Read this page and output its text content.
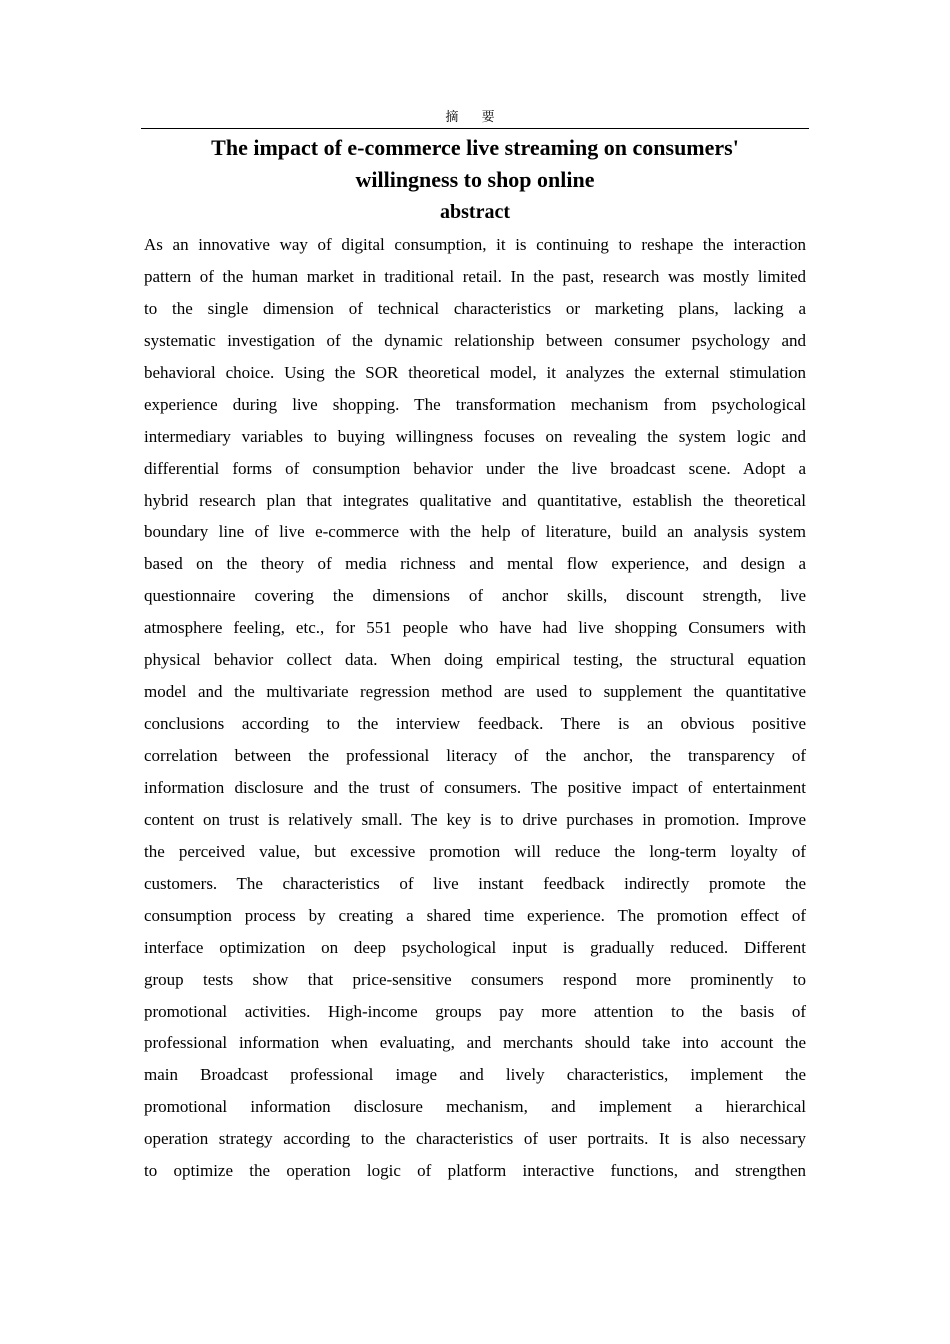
摘 要
The impact of e-commerce live streaming on consumers'
willingness to shop online
abstract
As an innovative way of digital consumption, it is continuing to reshape the interaction
pattern of the human market in traditional retail. In the past, research was mostly limited
to the single dimension of technical characteristics or marketing plans, lacking a
systematic investigation of the dynamic relationship between consumer psychology and
behavioral choice. Using the SOR theoretical model, it analyzes the external stimulation
experience during live shopping. The transformation mechanism from psychological
intermediary variables to buying willingness focuses on revealing the system logic and
differential forms of consumption behavior under the live broadcast scene. Adopt a
hybrid research plan that integrates qualitative and quantitative, establish the theoretical
boundary line of live e-commerce with the help of literature, build an analysis system
based on the theory of media richness and mental flow experience, and design a
questionnaire covering the dimensions of anchor skills, discount strength, live
atmosphere feeling, etc., for 551 people who have had live shopping Consumers with
physical behavior collect data. When doing empirical testing, the structural equation
model and the multivariate regression method are used to supplement the quantitative
conclusions according to the interview feedback. There is an obvious positive
correlation between the professional literacy of the anchor, the transparency of
information disclosure and the trust of consumers. The positive impact of entertainment
content on trust is relatively small. The key is to drive purchases in promotion. Improve
the perceived value, but excessive promotion will reduce the long-term loyalty of
customers. The characteristics of live instant feedback indirectly promote the
consumption process by creating a shared time experience. The promotion effect of
interface optimization on deep psychological input is gradually reduced. Different
group tests show that price-sensitive consumers respond more prominently to
promotional activities. High-income groups pay more attention to the basis of
professional information when evaluating, and merchants should take into account the
main Broadcast professional image and lively characteristics, implement the
promotional information disclosure mechanism, and implement a hierarchical
operation strategy according to the characteristics of user portraits. It is also necessary
to optimize the operation logic of platform interactive functions, and strengthen
